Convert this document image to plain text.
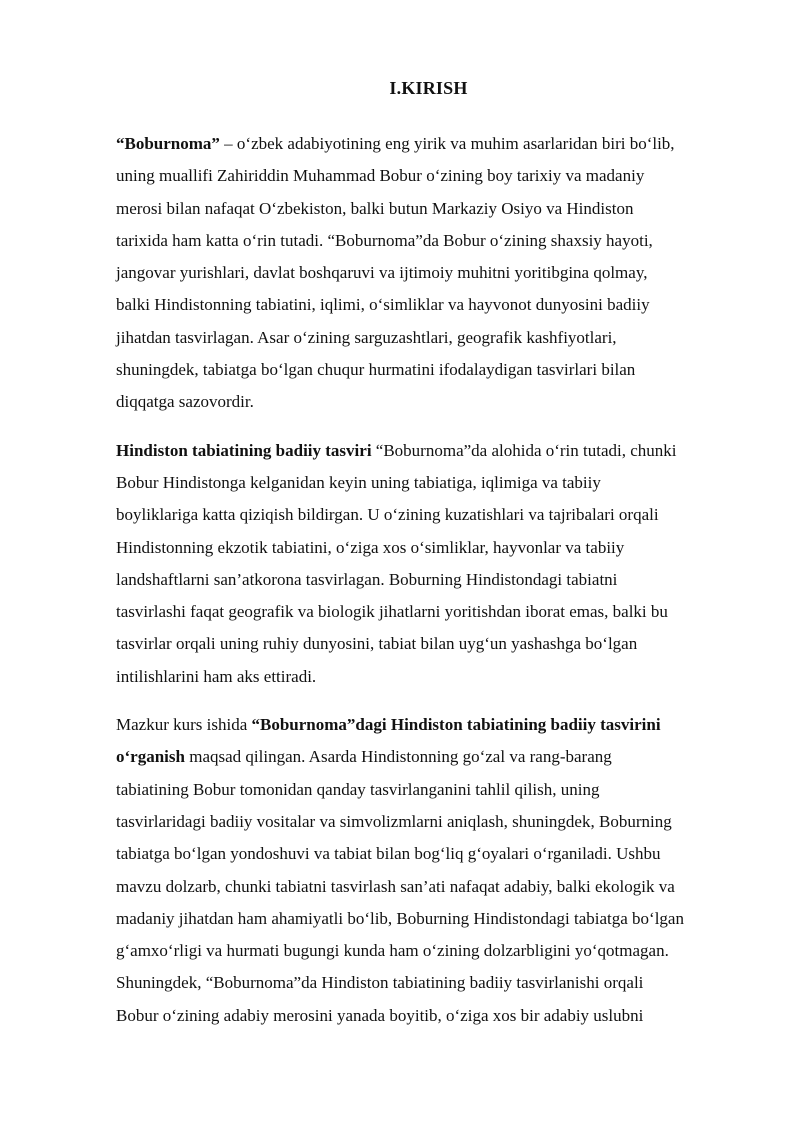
I.KIRISH

“Boburnoma” – o‘zbek adabiyotining eng yirik va muhim asarlaridan biri bo‘lib,
uning muallifi Zahiriddin Muhammad Bobur o‘zining boy tarixiy va madaniy
merosi bilan nafaqat O‘zbekiston, balki butun Markaziy Osiyo va Hindiston
tarixida ham katta o‘rin tutadi. “Boburnoma”da Bobur o‘zining shaxsiy hayoti,
jangovar yurishlari, davlat boshqaruvi va ijtimoiy muhitni yoritibgina qolmay,
balki Hindistonning tabiatini, iqlimi, o‘simliklar va hayvonot dunyosini badiiy
jihatdan tasvirlagan. Asar o‘zining sarguzashtlari, geografik kashfiyotlari,
shuningdek, tabiatga bo‘lgan chuqur hurmatini ifodalaydigan tasvirlari bilan
diqqatga sazovordir.

Hindiston tabiatining badiiy tasviri “Boburnoma”da alohida o‘rin tutadi, chunki
Bobur Hindistonga kelganidan keyin uning tabiatiga, iqlimiga va tabiiy
boyliklariga katta qiziqish bildirgan. U o‘zining kuzatishlari va tajribalari orqali
Hindistonning ekzotik tabiatini, o‘ziga xos o‘simliklar, hayvonlar va tabiiy
landshaftlarni san’atkorona tasvirlagan. Boburning Hindistondagi tabiatni
tasvirlashi faqat geografik va biologik jihatlarni yoritishdan iborat emas, balki bu
tasvirlar orqali uning ruhiy dunyosini, tabiat bilan uyg‘un yashashga bo‘lgan
intilishlarini ham aks ettiradi.

Mazkur kurs ishida “Boburnoma”dagi Hindiston tabiatining badiiy tasvirini
o‘rganish maqsad qilingan. Asarda Hindistonning go‘zal va rang-barang
tabiatining Bobur tomonidan qanday tasvirlanganini tahlil qilish, uning
tasvirlaridagi badiiy vositalar va simvolizmlarni aniqlash, shuningdek, Boburning
tabiatga bo‘lgan yondoshuvi va tabiat bilan bog‘liq g‘oyalari o‘rganiladi. Ushbu
mavzu dolzarb, chunki tabiatni tasvirlash san’ati nafaqat adabiy, balki ekologik va
madaniy jihatdan ham ahamiyatli bo‘lib, Boburning Hindistondagi tabiatga bo‘lgan
g‘amxo‘rligi va hurmati bugungi kunda ham o‘zining dolzarbligini yo‘qotmagan.
Shuningdek, “Boburnoma”da Hindiston tabiatining badiiy tasvirlanishi orqali
Bobur o‘zining adabiy merosini yanada boyitib, o‘ziga xos bir adabiy uslubni
